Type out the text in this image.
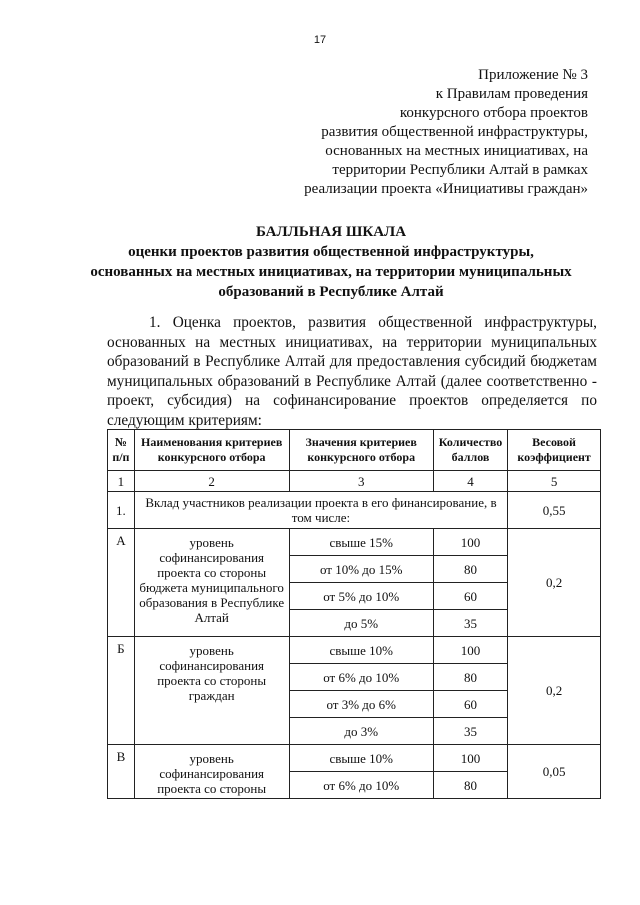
17
Приложение № 3
к Правилам проведения
конкурсного отбора проектов
развития общественной инфраструктуры,
основанных на местных инициативах, на
территории Республики Алтай в рамках
реализации проекта «Инициативы граждан»
БАЛЛЬНАЯ ШКАЛА
оценки проектов развития общественной инфраструктуры,
основанных на местных инициативах, на территории муниципальных
образований в Республике Алтай

1. Оценка проектов, развития общественной инфраструктуры, основанных на местных инициативах, на территории муниципальных образований в Республике Алтай для предоставления субсидий бюджетам муниципальных образований в Республике Алтай (далее соответственно - проект, субсидия) на софинансирование проектов определяется по следующим критериям:

№ п/п	Наименования критериев конкурсного отбора	Значения критериев конкурсного отбора	Количество баллов	Весовой коэффициент
1	2	3	4	5
1.	Вклад участников реализации проекта в его финансирование, в том числе:			0,55
А	уровень софинансирования проекта со стороны бюджета муниципального образования в Республике Алтай	свыше 15%	100	0,2
		от 10% до 15%	80	
		от 5% до 10%	60	
		до 5%	35	
Б	уровень софинансирования проекта со стороны граждан	свыше 10%	100	0,2
		от 6% до 10%	80	
		от 3% до 6%	60	
		до 3%	35	
В	уровень софинансирования проекта со стороны	свыше 10%	100	0,05
		от 6% до 10%	80	
